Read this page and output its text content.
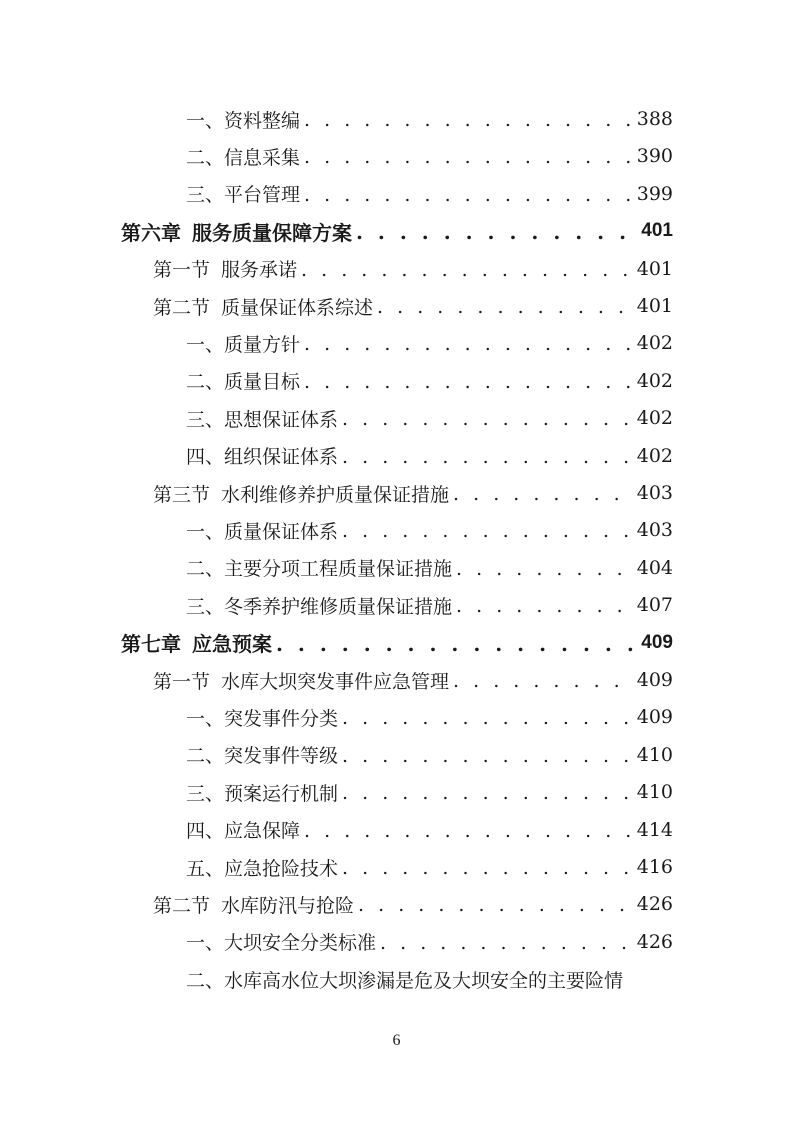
一、资料整编 . . .	388
二、信息采集 . . .	390
三、平台管理 . . .	399
第六章 服务质量保障方案 . . .	401
第一节 服务承诺 . . .	401
第二节 质量保证体系综述 . . .	401
一、质量方针 . . .	402
二、质量目标 . . .	402
三、思想保证体系 . . .	402
四、组织保证体系 . . .	402
第三节 水利维修养护质量保证措施 . . .	403
一、质量保证体系 . . .	403
二、主要分项工程质量保证措施 . . .	404
三、冬季养护维修质量保证措施 . . .	407
第七章 应急预案 . . .	409
第一节 水库大坝突发事件应急管理 . . .	409
一、突发事件分类 . . .	409
二、突发事件等级 . . .	410
三、预案运行机制 . . .	410
四、应急保障 . . .	414
五、应急抢险技术 . . .	416
第二节 水库防汛与抢险 . . .	426
一、大坝安全分类标准 . . .	426
二、水库高水位大坝渗漏是危及大坝安全的主要险情
6
